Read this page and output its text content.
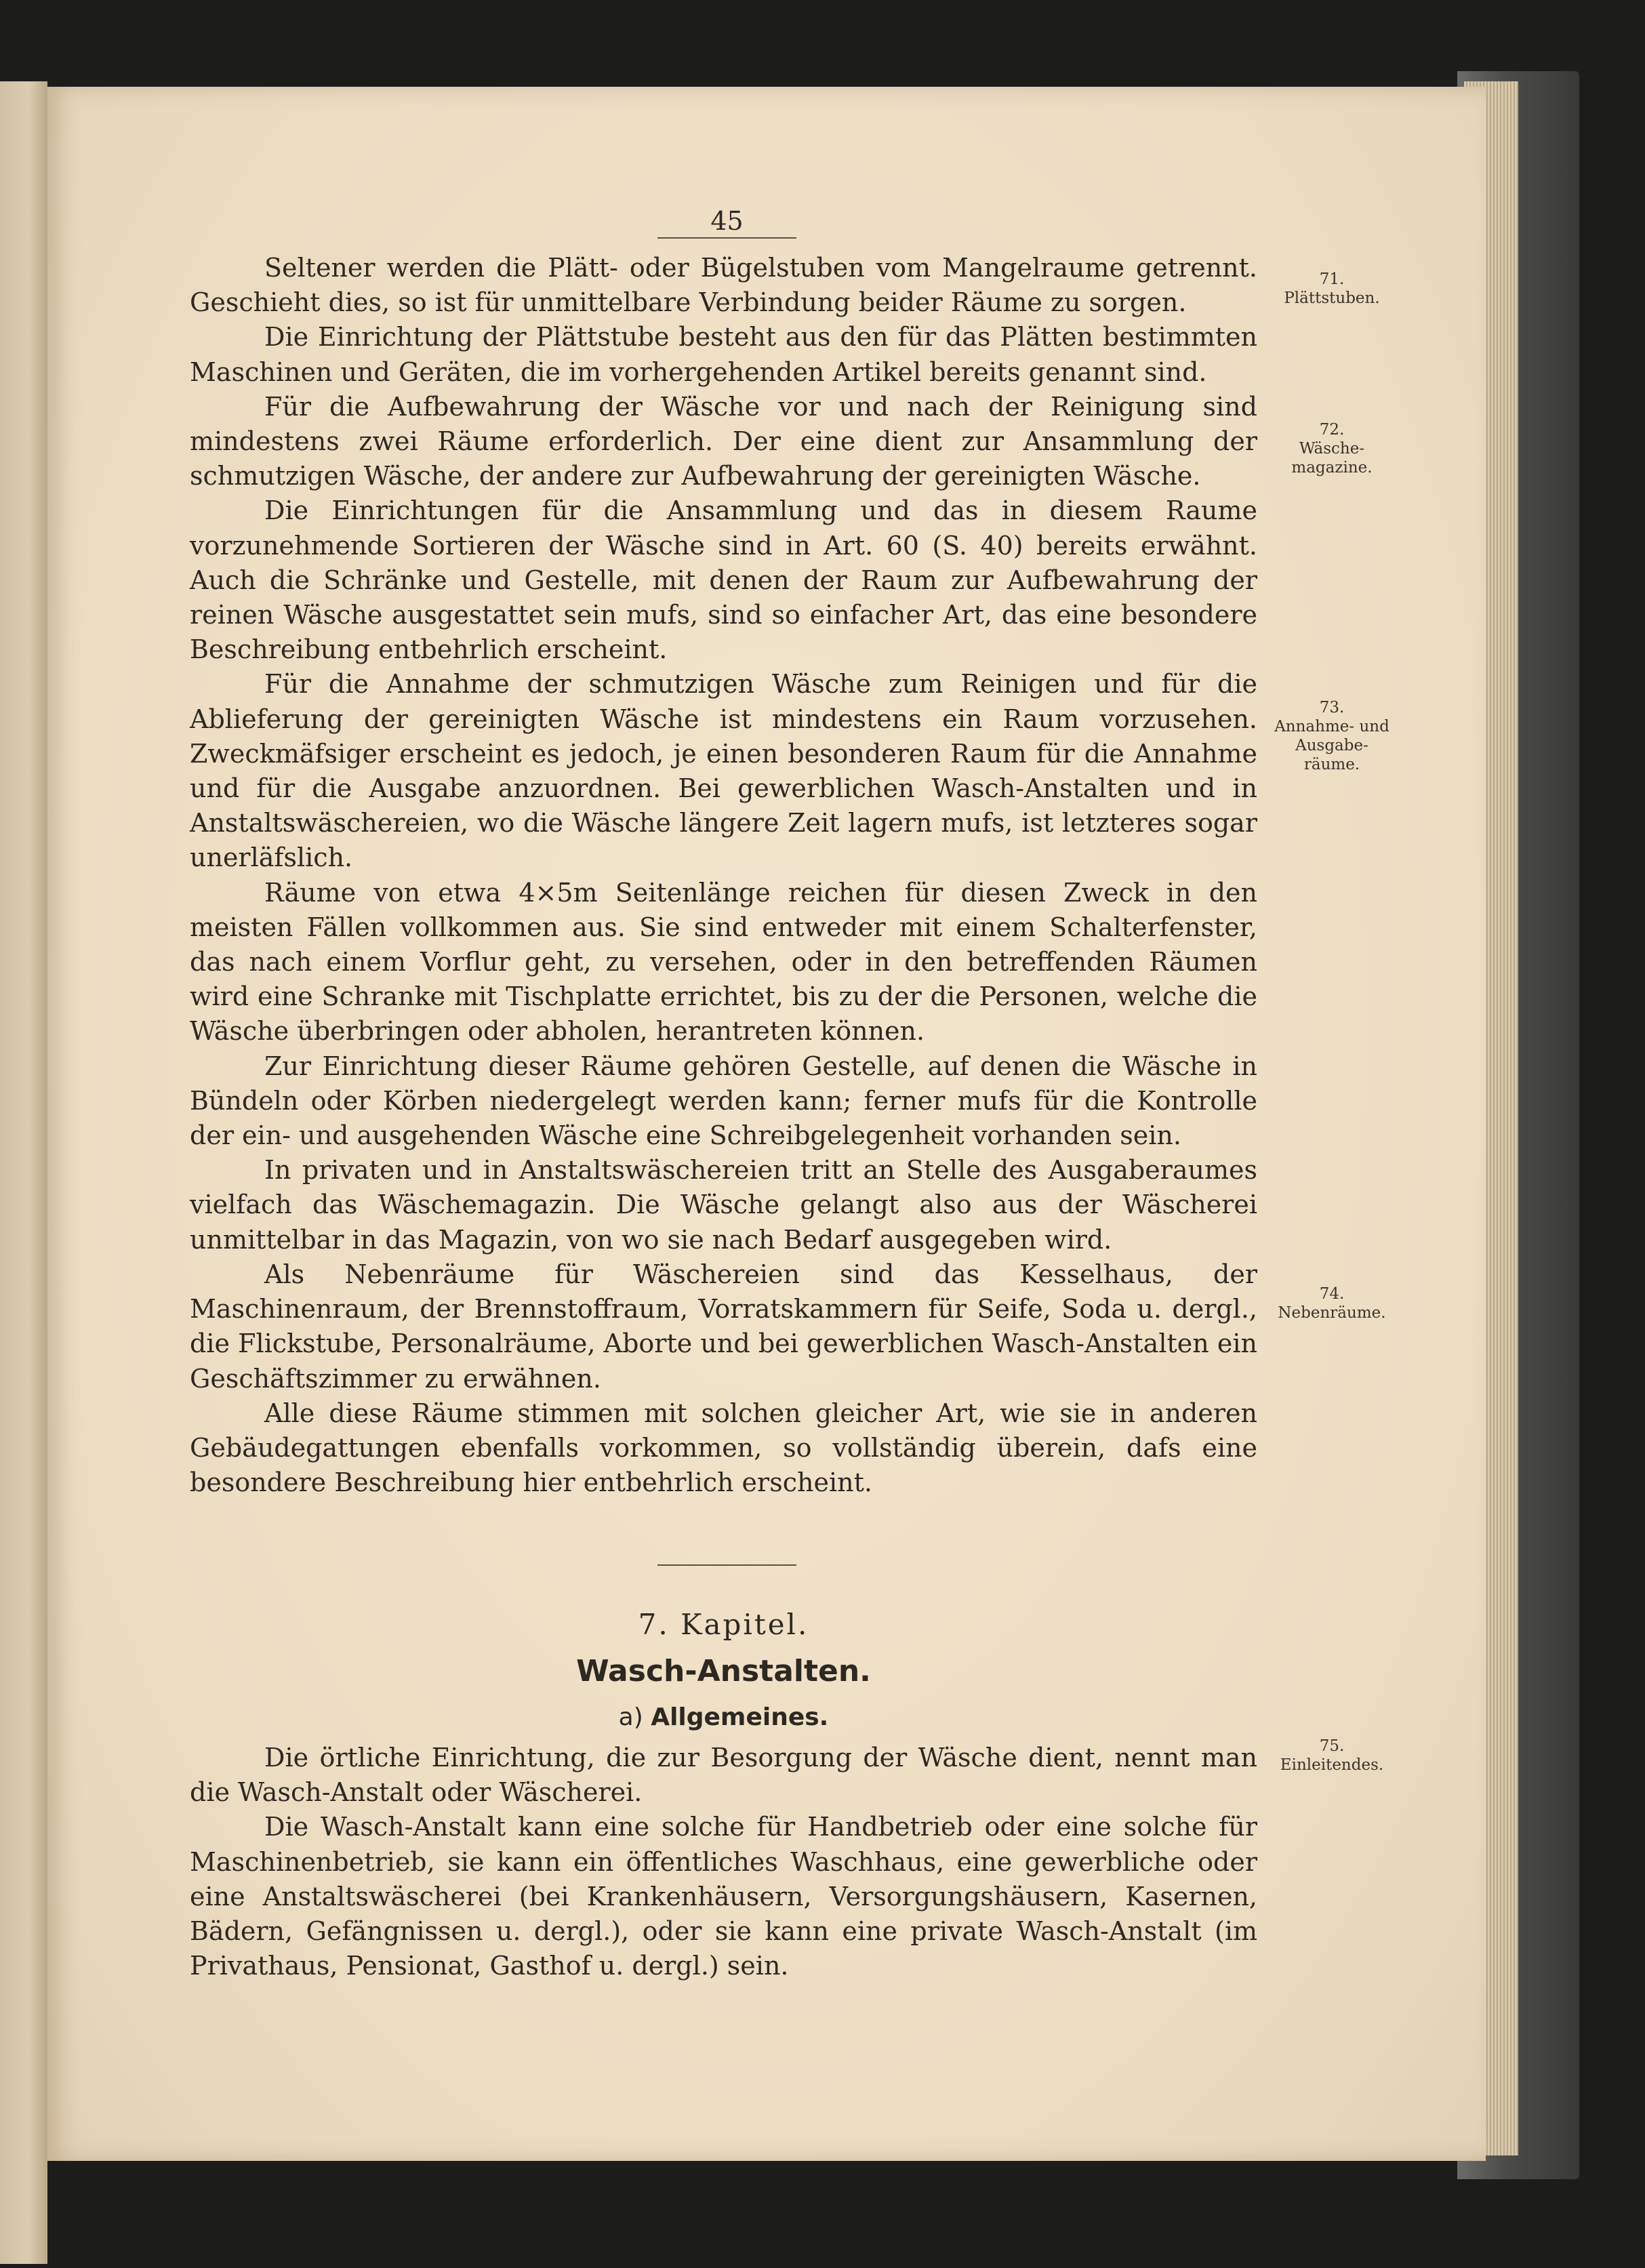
45

Seltener werden die Plätt- oder Bügelstuben vom Mangelraume getrennt. Geschieht dies, so ist für unmittelbare Verbindung beider Räume zu sorgen.

Die Einrichtung der Plättstube besteht aus den für das Plätten bestimmten Maschinen und Geräten, die im vorhergehenden Artikel bereits genannt sind.

Für die Aufbewahrung der Wäsche vor und nach der Reinigung sind mindestens zwei Räume erforderlich. Der eine dient zur Ansammlung der schmutzigen Wäsche, der andere zur Aufbewahrung der gereinigten Wäsche.

Die Einrichtungen für die Ansammlung und das in diesem Raume vorzunehmende Sortieren der Wäsche sind in Art. 60 (S. 40) bereits erwähnt. Auch die Schränke und Gestelle, mit denen der Raum zur Aufbewahrung der reinen Wäsche ausgestattet sein mufs, sind so einfacher Art, das eine besondere Beschreibung entbehrlich erscheint.

Für die Annahme der schmutzigen Wäsche zum Reinigen und für die Ablieferung der gereinigten Wäsche ist mindestens ein Raum vorzusehen. Zweckmäfsiger erscheint es jedoch, je einen besonderen Raum für die Annahme und für die Ausgabe anzuordnen. Bei gewerblichen Wasch-Anstalten und in Anstaltswäschereien, wo die Wäsche längere Zeit lagern mufs, ist letzteres sogar unerläfslich.

Räume von etwa 4×5m Seitenlänge reichen für diesen Zweck in den meisten Fällen vollkommen aus. Sie sind entweder mit einem Schalterfenster, das nach einem Vorflur geht, zu versehen, oder in den betreffenden Räumen wird eine Schranke mit Tischplatte errichtet, bis zu der die Personen, welche die Wäsche überbringen oder abholen, herantreten können.

Zur Einrichtung dieser Räume gehören Gestelle, auf denen die Wäsche in Bündeln oder Körben niedergelegt werden kann; ferner mufs für die Kontrolle der ein- und ausgehenden Wäsche eine Schreibgelegenheit vorhanden sein.

In privaten und in Anstaltswäschereien tritt an Stelle des Ausgaberaumes vielfach das Wäschemagazin. Die Wäsche gelangt also aus der Wäscherei unmittelbar in das Magazin, von wo sie nach Bedarf ausgegeben wird.

Als Nebenräume für Wäschereien sind das Kesselhaus, der Maschinenraum, der Brennstoffraum, Vorratskammern für Seife, Soda u. dergl., die Flickstube, Personalräume, Aborte und bei gewerblichen Wasch-Anstalten ein Geschäftszimmer zu erwähnen.

Alle diese Räume stimmen mit solchen gleicher Art, wie sie in anderen Gebäudegattungen ebenfalls vorkommen, so vollständig überein, dafs eine besondere Beschreibung hier entbehrlich erscheint.

7. Kapitel.
Wasch-Anstalten.
a) Allgemeines.

Die örtliche Einrichtung, die zur Besorgung der Wäsche dient, nennt man die Wasch-Anstalt oder Wäscherei.

Die Wasch-Anstalt kann eine solche für Handbetrieb oder eine solche für Maschinenbetrieb, sie kann ein öffentliches Waschhaus, eine gewerbliche oder eine Anstaltswäscherei (bei Krankenhäusern, Versorgungshäusern, Kasernen, Bädern, Gefängnissen u. dergl.), oder sie kann eine private Wasch-Anstalt (im Privathaus, Pensionat, Gasthof u. dergl.) sein.

71.
Plättstuben.
72.
Wäsche-magazine.
73.
Annahme- und Ausgabe-räume.
74.
Nebenräume.
75.
Einleitendes.
